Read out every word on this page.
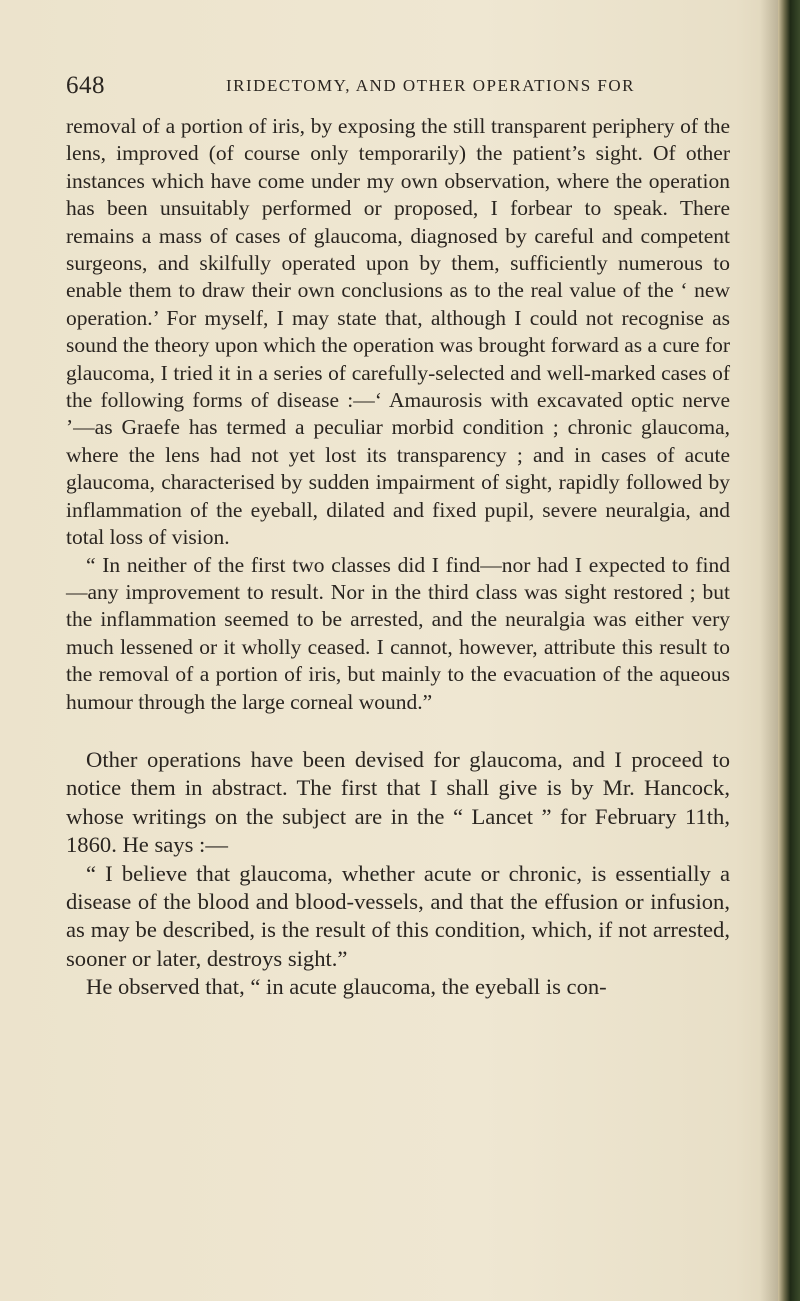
648	IRIDECTOMY, AND OTHER OPERATIONS FOR

removal of a portion of iris, by exposing the still transparent periphery of the lens, improved (of course only temporarily) the patient’s sight. Of other instances which have come under my own observation, where the operation has been unsuitably performed or proposed, I forbear to speak. There remains a mass of cases of glaucoma, diagnosed by careful and competent surgeons, and skilfully operated upon by them, sufficiently numerous to enable them to draw their own conclusions as to the real value of the ‘ new operation.’ For myself, I may state that, although I could not recognise as sound the theory upon which the operation was brought forward as a cure for glaucoma, I tried it in a series of carefully-selected and well-marked cases of the following forms of disease :—‘ Amaurosis with excavated optic nerve ’—as Graefe has termed a peculiar morbid condition ; chronic glaucoma, where the lens had not yet lost its transparency ; and in cases of acute glaucoma, characterised by sudden impairment of sight, rapidly followed by inflammation of the eyeball, dilated and fixed pupil, severe neuralgia, and total loss of vision.

“ In neither of the first two classes did I find—nor had I expected to find—any improvement to result. Nor in the third class was sight restored ; but the inflammation seemed to be arrested, and the neuralgia was either very much lessened or it wholly ceased. I cannot, however, attribute this result to the removal of a portion of iris, but mainly to the evacuation of the aqueous humour through the large corneal wound.”

Other operations have been devised for glaucoma, and I proceed to notice them in abstract. The first that I shall give is by Mr. Hancock, whose writings on the subject are in the “ Lancet ” for February 11th, 1860. He says :—

“ I believe that glaucoma, whether acute or chronic, is essentially a disease of the blood and blood-vessels, and that the effusion or infusion, as may be described, is the result of this condition, which, if not arrested, sooner or later, destroys sight.”

He observed that, “ in acute glaucoma, the eyeball is con-
